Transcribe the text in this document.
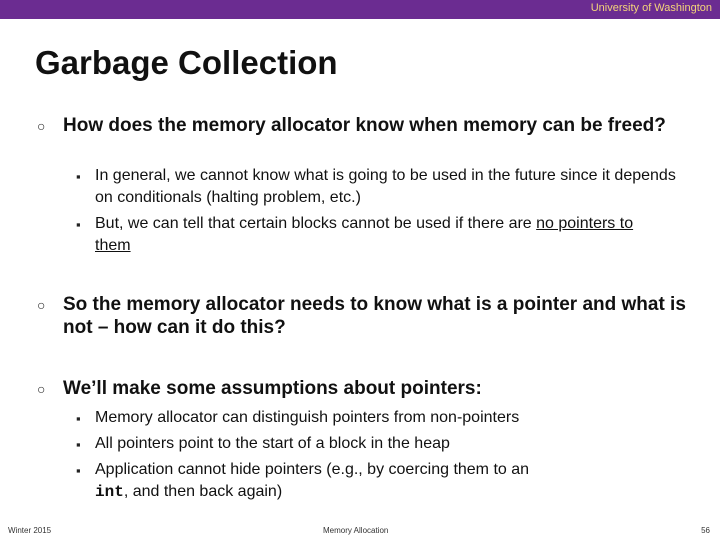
University of Washington
Garbage Collection
○ How does the memory allocator know when memory can be freed?
▪ In general, we cannot know what is going to be used in the future since it depends on conditionals (halting problem, etc.)
▪ But, we can tell that certain blocks cannot be used if there are no pointers to them
○ So the memory allocator needs to know what is a pointer and what is not – how can it do this?
○ We’ll make some assumptions about pointers:
▪ Memory allocator can distinguish pointers from non-pointers
▪ All pointers point to the start of a block in the heap
▪ Application cannot hide pointers (e.g., by coercing them to an int, and then back again)
Winter 2015	Memory Allocation	56
